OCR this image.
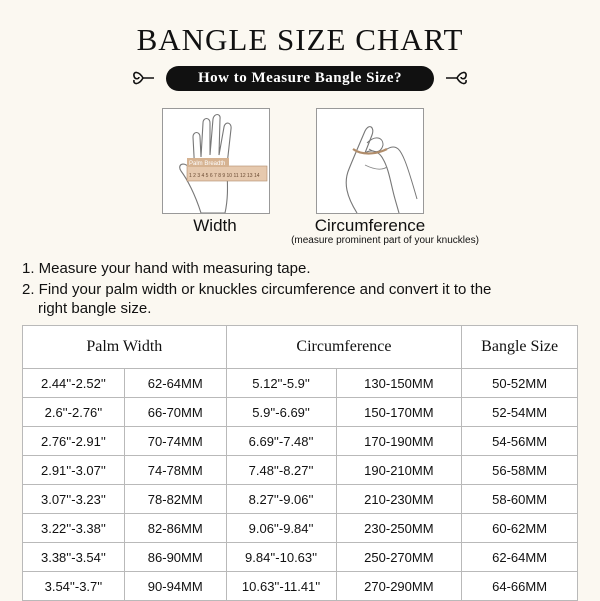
BANGLE SIZE CHART
How to Measure Bangle Size?
Palm Breadth
1 2 3 4 5 6 7 8 9 10 11 12 13 14
Width	Circumference
(measure prominent part of your knuckles)
1. Measure your hand with measuring tape.
2. Find your palm width or knuckles circumference and convert it to the
right bangle size.
Palm Width		Circumference		Bangle Size
2.44''-2.52''	62-64MM	5.12''-5.9''	130-150MM	50-52MM
2.6''-2.76''	66-70MM	5.9''-6.69''	150-170MM	52-54MM
2.76''-2.91''	70-74MM	6.69''-7.48''	170-190MM	54-56MM
2.91''-3.07''	74-78MM	7.48''-8.27''	190-210MM	56-58MM
3.07''-3.23''	78-82MM	8.27''-9.06''	210-230MM	58-60MM
3.22''-3.38''	82-86MM	9.06''-9.84''	230-250MM	60-62MM
3.38''-3.54''	86-90MM	9.84''-10.63''	250-270MM	62-64MM
3.54''-3.7''	90-94MM	10.63''-11.41''	270-290MM	64-66MM
